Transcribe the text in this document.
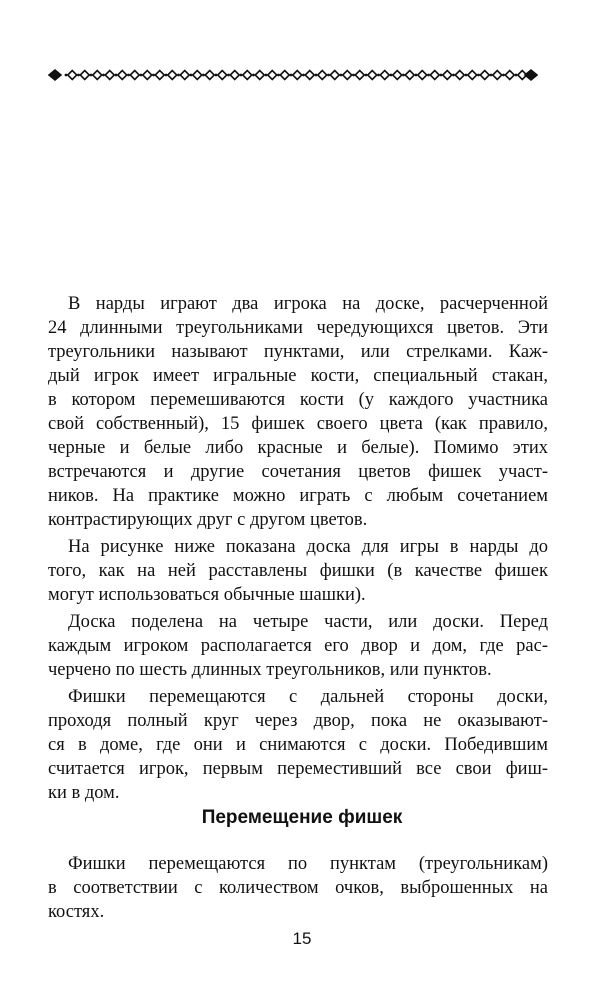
В нарды играют два игрока на доске, расчерченной
24 длинными треугольниками чередующихся цветов. Эти
треугольники называют пунктами, или стрелками. Каж-
дый игрок имеет игральные кости, специальный стакан,
в котором перемешиваются кости (у каждого участника
свой собственный), 15 фишек своего цвета (как правило,
черные и белые либо красные и белые). Помимо этих
встречаются и другие сочетания цветов фишек участ-
ников. На практике можно играть с любым сочетанием
контрастирующих друг с другом цветов.
На рисунке ниже показана доска для игры в нарды до
того, как на ней расставлены фишки (в качестве фишек
могут использоваться обычные шашки).
Доска поделена на четыре части, или доски. Перед
каждым игроком располагается его двор и дом, где рас-
черчено по шесть длинных треугольников, или пунктов.
Фишки перемещаются с дальней стороны доски,
проходя полный круг через двор, пока не оказывают-
ся в доме, где они и снимаются с доски. Победившим
считается игрок, первым переместивший все свои фиш-
ки в дом.
Перемещение фишек
Фишки перемещаются по пунктам (треугольникам)
в соответствии с количеством очков, выброшенных на
костях.
15
